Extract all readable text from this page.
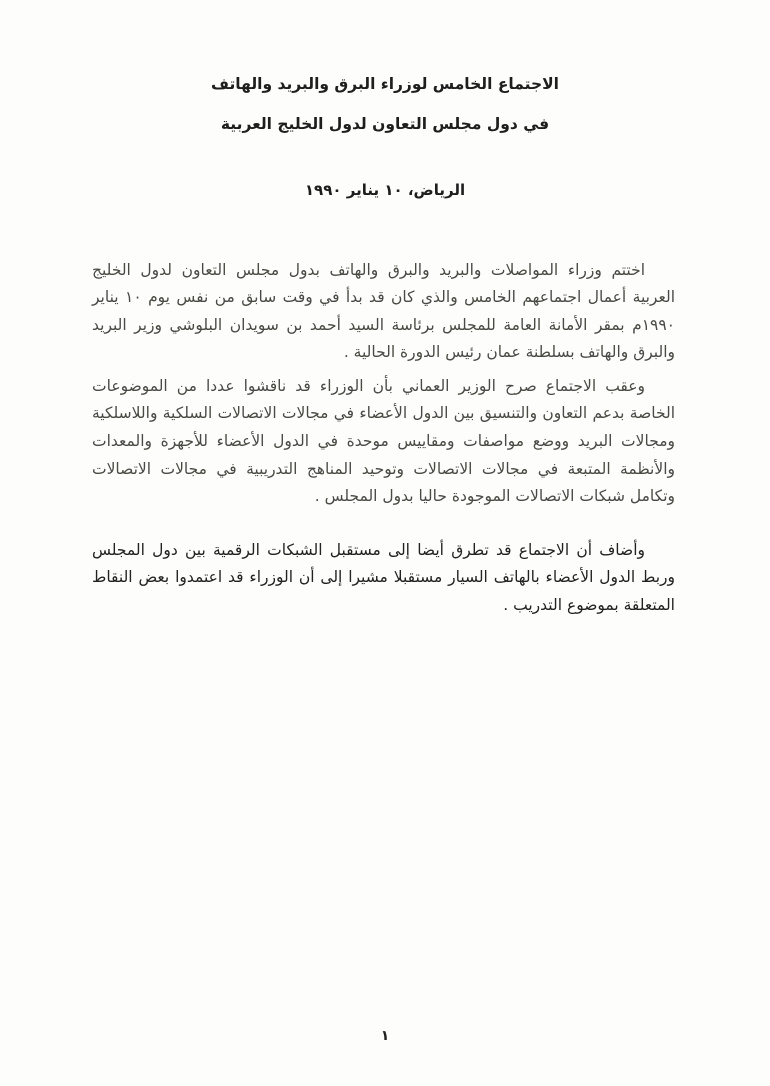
الاجتماع الخامس لوزراء البرق والبريد والهاتف
في دول مجلس التعاون لدول الخليج العربية
الرياض، ١٠ يناير ١٩٩٠

اختتم وزراء المواصلات والبريد والبرق والهاتف بدول مجلس التعاون لدول الخليج العربية أعمال اجتماعهم الخامس والذي كان قد بدأ في وقت سابق من نفس يوم ١٠ يناير ١٩٩٠م بمقر الأمانة العامة للمجلس برئاسة السيد أحمد بن سويدان البلوشي وزير البريد والبرق والهاتف بسلطنة عمان رئيس الدورة الحالية .

وعقب الاجتماع صرح الوزير العماني بأن الوزراء قد ناقشوا عددا من الموضوعات الخاصة بدعم التعاون والتنسيق بين الدول الأعضاء في مجالات الاتصالات السلكية واللاسلكية ومجالات البريد ووضع مواصفات ومقاييس موحدة في الدول الأعضاء للأجهزة والمعدات والأنظمة المتبعة في مجالات الاتصالات وتوحيد المناهج التدريبية في مجالات الاتصالات وتكامل شبكات الاتصالات الموجودة حاليا بدول المجلس .

وأضاف أن الاجتماع قد تطرق أيضا إلى مستقبل الشبكات الرقمية بين دول المجلس وربط الدول الأعضاء بالهاتف السيار مستقبلا مشيرا إلى أن الوزراء قد اعتمدوا بعض النقاط المتعلقة بموضوع التدريب .

١
